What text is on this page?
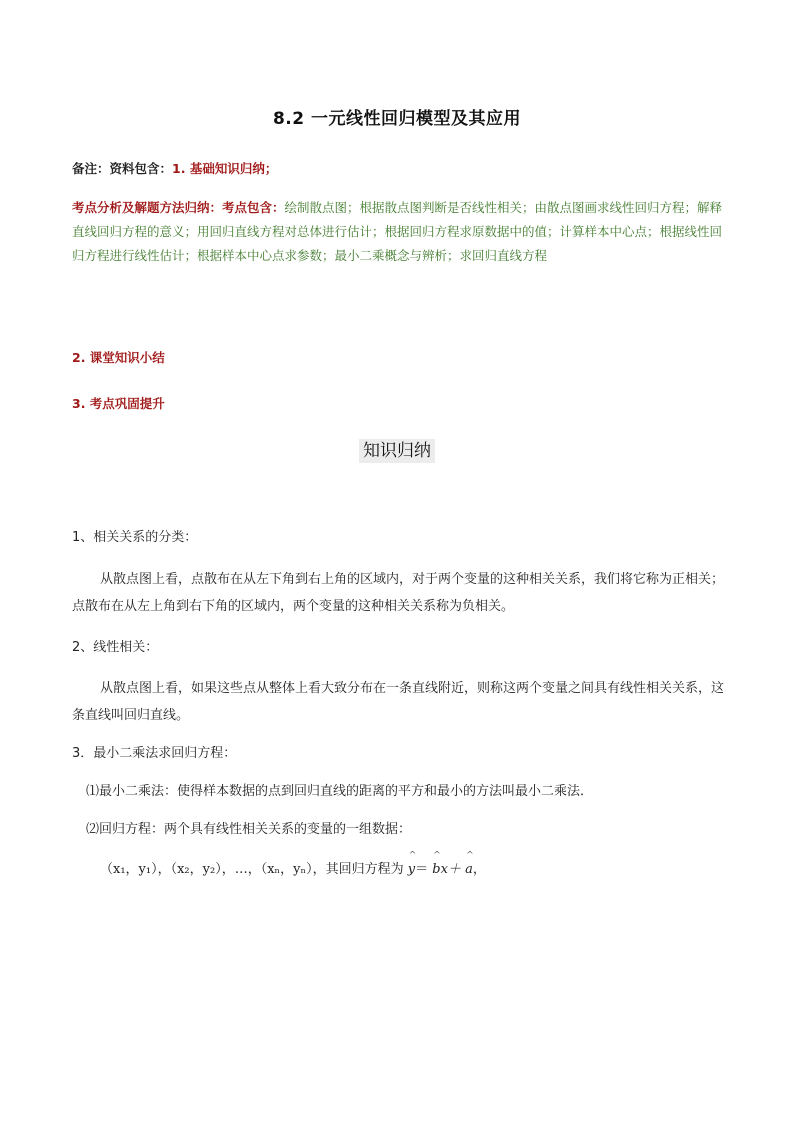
8.2 一元线性回归模型及其应用
备注：资料包含：1. 基础知识归纳；
考点分析及解题方法归纳：考点包含：绘制散点图；根据散点图判断是否线性相关；由散点图画求线性回归方程；解释直线回归方程的意义；用回归直线方程对总体进行估计；根据回归方程求原数据中的值；计算样本中心点；根据线性回归方程进行线性估计；根据样本中心点求参数；最小二乘概念与辨析；求回归直线方程
2. 课堂知识小结
3. 考点巩固提升
知识归纳
1、相关关系的分类：
从散点图上看，点散布在从左下角到右上角的区域内，对于两个变量的这种相关关系，我们将它称为正相关；点散布在从左上角到右下角的区域内，两个变量的这种相关关系称为负相关。
2、线性相关：
从散点图上看，如果这些点从整体上看大致分布在一条直线附近，则称这两个变量之间具有线性相关关系，这条直线叫回归直线。
3．最小二乘法求回归方程：
⑴最小二乘法：使得样本数据的点到回归直线的距离的平方和最小的方法叫最小二乘法．
⑵回归方程：两个具有线性相关关系的变量的一组数据：
（x₁，y₁），（x₂，y₂），…，（xₙ，yₙ），其回归方程为 ^ y＝ ^ bx＋ ^ a，
